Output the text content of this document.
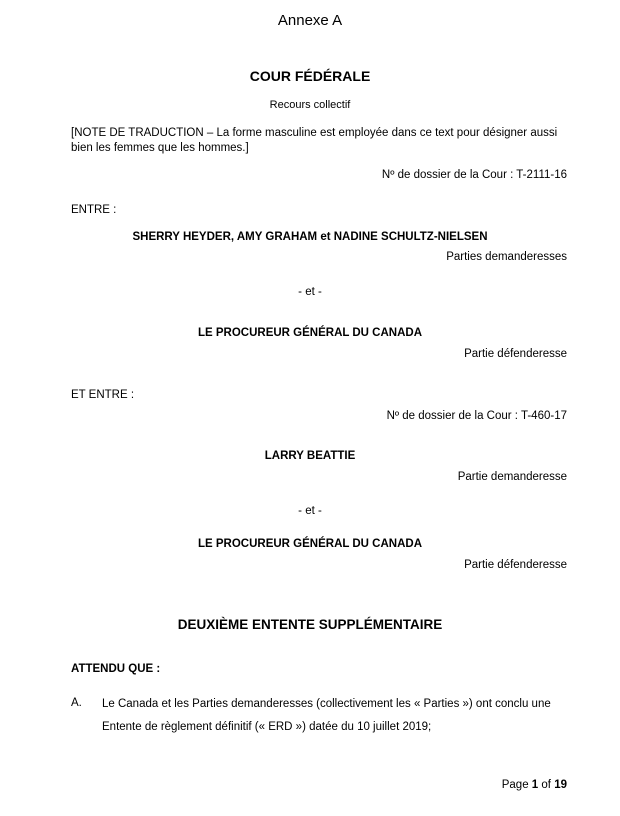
Annexe A
COUR FÉDÉRALE
Recours collectif
[NOTE DE TRADUCTION – La forme masculine est employée dans ce text pour désigner aussi bien les femmes que les hommes.]
Nº de dossier de la Cour : T-2111-16
ENTRE :
SHERRY HEYDER, AMY GRAHAM et NADINE SCHULTZ-NIELSEN
Parties demanderesses
- et -
LE PROCUREUR GÉNÉRAL DU CANADA
Partie défenderesse
ET ENTRE :
Nº de dossier de la Cour : T-460-17
LARRY BEATTIE
Partie demanderesse
- et -
LE PROCUREUR GÉNÉRAL DU CANADA
Partie défenderesse
DEUXIÈME ENTENTE SUPPLÉMENTAIRE
ATTENDU QUE :
A. Le Canada et les Parties demanderesses (collectivement les « Parties ») ont conclu une Entente de règlement définitif (« ERD ») datée du 10 juillet 2019;
Page 1 of 19
